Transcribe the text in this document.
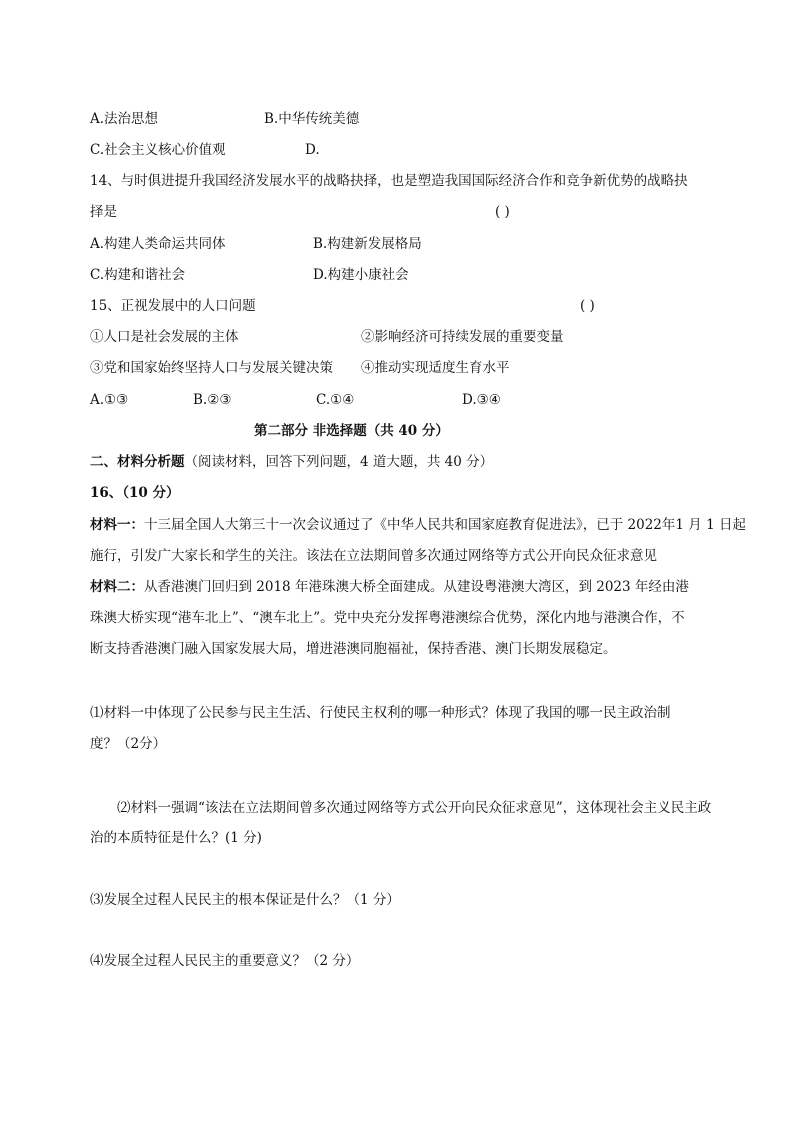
A.法治思想	B.中华传统美德
C.社会主义核心价值观	D.
14、与时俱进提升我国经济发展水平的战略抉择，也是塑造我国国际经济合作和竞争新优势的战略抉
择是	( )
A.构建人类命运共同体	B.构建新发展格局
C.构建和谐社会	D.构建小康社会
15、正视发展中的人口问题	( )
①人口是社会发展的主体	②影响经济可持续发展的重要变量
③党和国家始终坚持人口与发展关键决策 ④推动实现适度生育水平
A.①③	B.②③	C.①④	D.③④
第二部分 非选择题（共 40 分）
二、材料分析题（阅读材料，回答下列问题，4 道大题，共 40 分）
16、（10 分）
材料一：十三届全国人大第三十一次会议通过了《中华人民共和国家庭教育促进法》，已于 2022年1 月 1 日起
施行，引发广大家长和学生的关注。该法在立法期间曾多次通过网络等方式公开向民众征求意见
材料二：从香港澳门回归到 2018 年港珠澳大桥全面建成。从建设粤港澳大湾区，到 2023 年经由港
珠澳大桥实现“港车北上”、“澳车北上”。党中央充分发挥粤港澳综合优势，深化内地与港澳合作，不
断支持香港澳门融入国家发展大局，增进港澳同胞福祉，保持香港、澳门长期发展稳定。
⑴材料一中体现了公民参与民主生活、行使民主权利的哪一种形式？体现了我国的哪一民主政治制
度？（2分）
⑵材料一强调“该法在立法期间曾多次通过网络等方式公开向民众征求意见”，这体现社会主义民主政
治的本质特征是什么？(1 分)
⑶发展全过程人民民主的根本保证是什么？（1 分）
⑷发展全过程人民民主的重要意义？（2 分）
